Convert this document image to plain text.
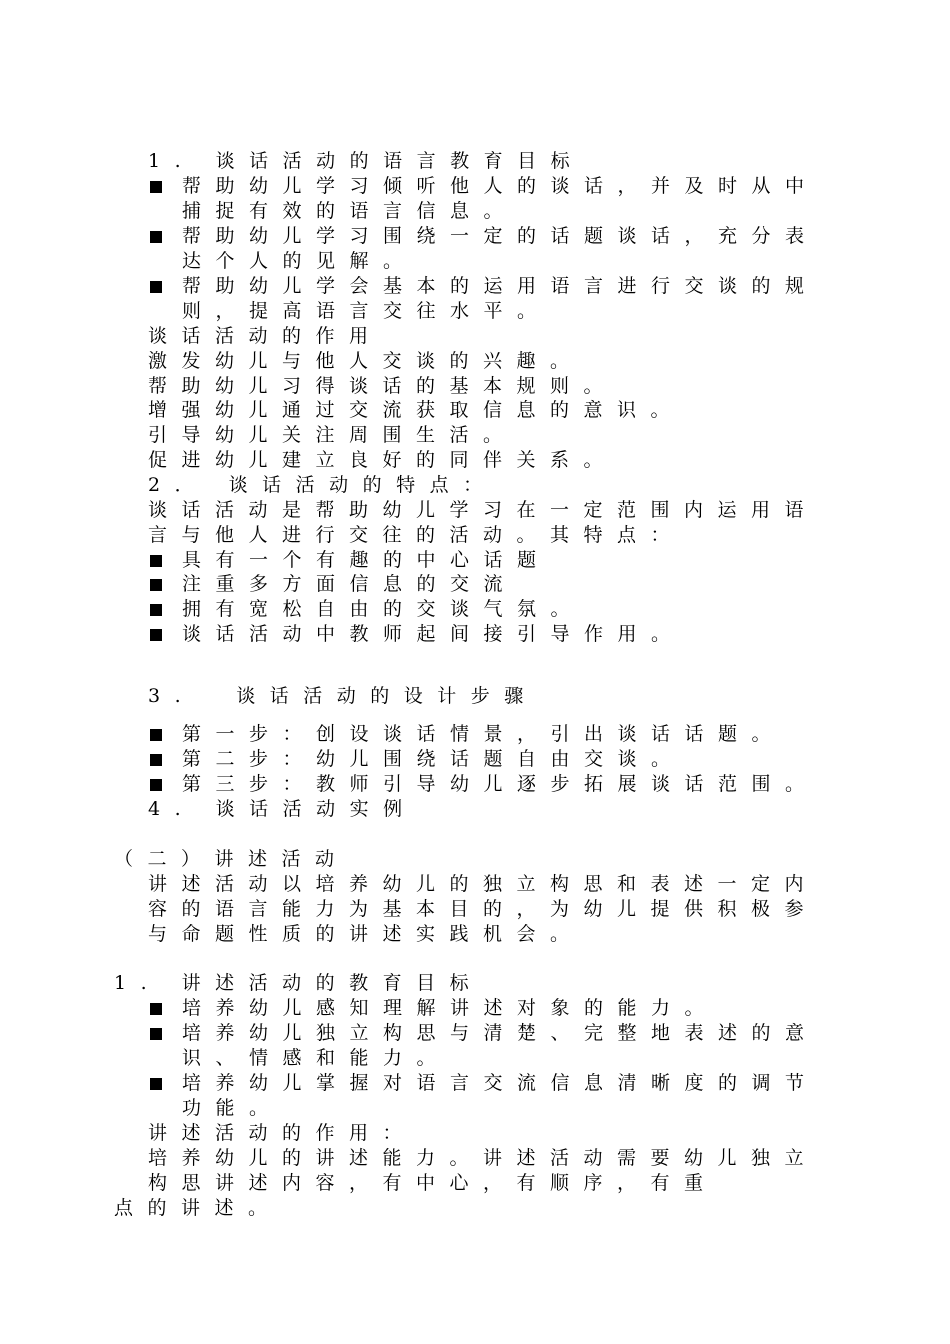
1. 谈话活动的语言教育目标
帮助幼儿学习倾听他人的谈话，并及时从中
捕捉有效的语言信息。
帮助幼儿学习围绕一定的话题谈话，充分表
达个人的见解。
帮助幼儿学会基本的运用语言进行交谈的规
则，提高语言交往水平。
谈话活动的作用
激发幼儿与他人交谈的兴趣。
帮助幼儿习得谈话的基本规则。
增强幼儿通过交流获取信息的意识。
引导幼儿关注周围生活。
促进幼儿建立良好的同伴关系。
2． 谈话活动的特点：
谈话活动是帮助幼儿学习在一定范围内运用语
言与他人进行交往的活动。其特点：
具有一个有趣的中心话题
注重多方面信息的交流
拥有宽松自由的交谈气氛。
谈话活动中教师起间接引导作用。
3.  谈话活动的设计步骤
第一步：创设谈话情景，引出谈话话题。
第二步：幼儿围绕话题自由交谈。
第三步：教师引导幼儿逐步拓展谈话范围。
4. 谈话活动实例
（二）讲述活动
讲述活动以培养幼儿的独立构思和表述一定内
容的语言能力为基本目的，为幼儿提供积极参
与命题性质的讲述实践机会。
1. 讲述活动的教育目标
培养幼儿感知理解讲述对象的能力。
培养幼儿独立构思与清楚、完整地表述的意
识、情感和能力。
培养幼儿掌握对语言交流信息清晰度的调节
功能。
讲述活动的作用：
培养幼儿的讲述能力。讲述活动需要幼儿独立
构思讲述内容，有中心，有顺序，有重
点的讲述。
